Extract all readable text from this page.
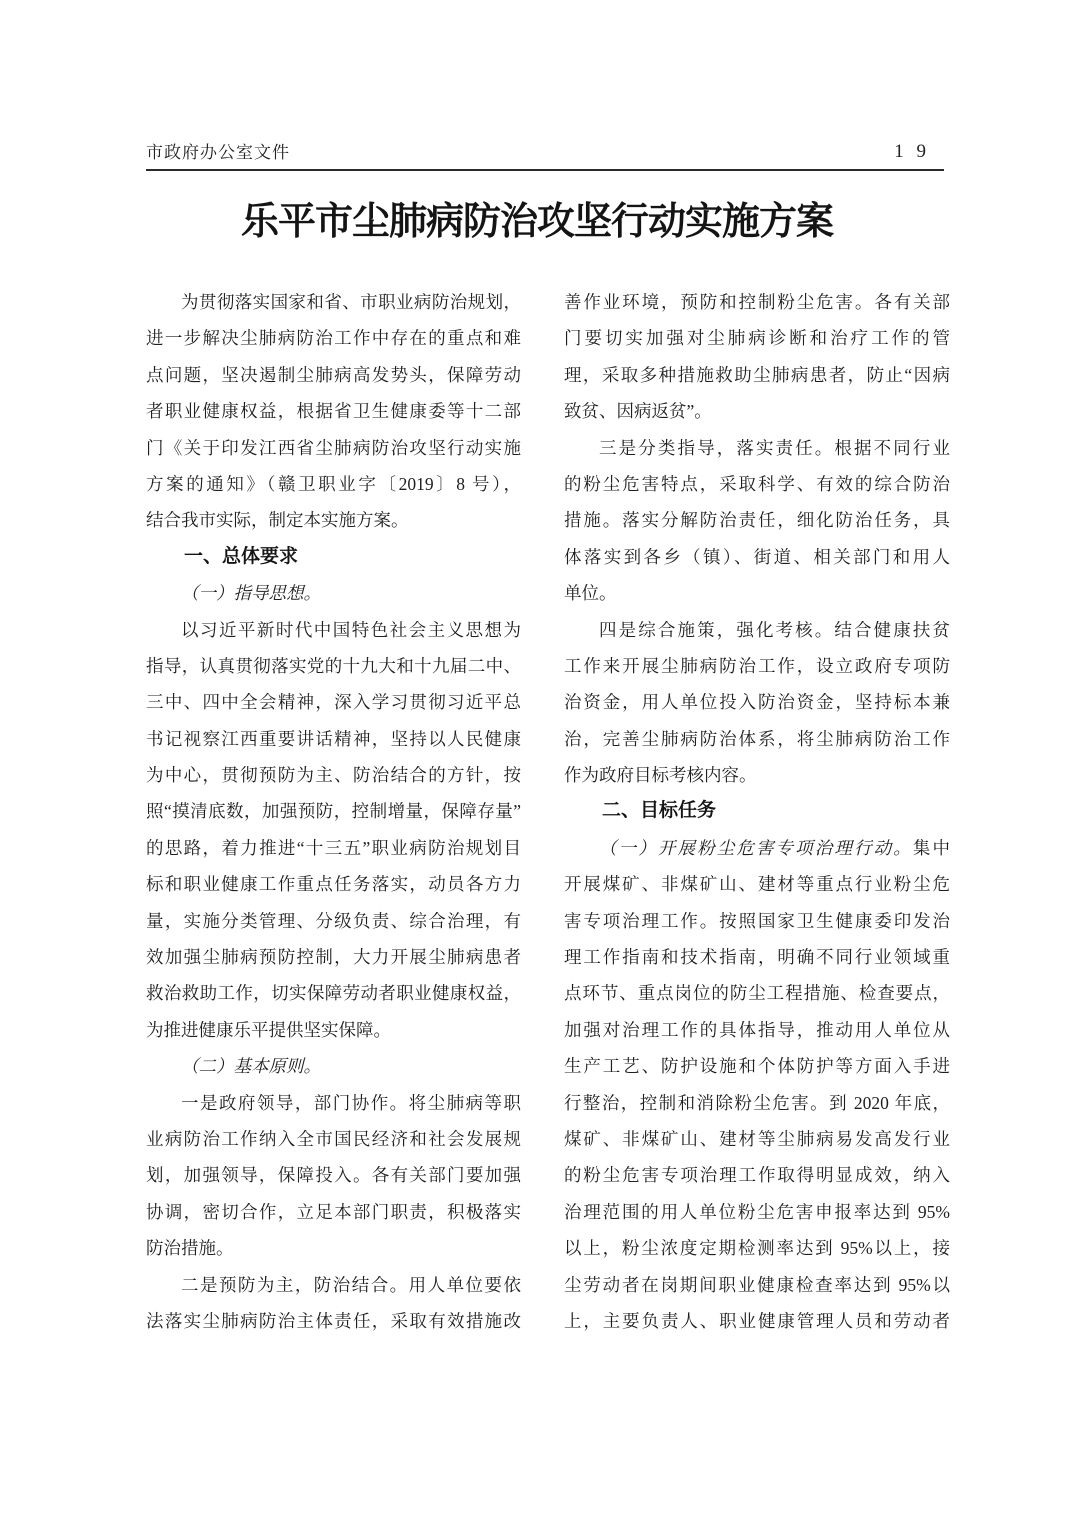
市政府办公室文件	1 9
乐平市尘肺病防治攻坚行动实施方案
为贯彻落实国家和省、市职业病防治规划，
进一步解决尘肺病防治工作中存在的重点和难
点问题，坚决遏制尘肺病高发势头，保障劳动
者职业健康权益，根据省卫生健康委等十二部
门《关于印发江西省尘肺病防治攻坚行动实施
方案的通知》（赣卫职业字〔2019〕8 号），
结合我市实际，制定本实施方案。
一、总体要求
（一）指导思想。
以习近平新时代中国特色社会主义思想为
指导，认真贯彻落实党的十九大和十九届二中、
三中、四中全会精神，深入学习贯彻习近平总
书记视察江西重要讲话精神，坚持以人民健康
为中心，贯彻预防为主、防治结合的方针，按
照“摸清底数，加强预防，控制增量，保障存量”
的思路，着力推进“十三五”职业病防治规划目
标和职业健康工作重点任务落实，动员各方力
量，实施分类管理、分级负责、综合治理，有
效加强尘肺病预防控制，大力开展尘肺病患者
救治救助工作，切实保障劳动者职业健康权益，
为推进健康乐平提供坚实保障。
（二）基本原则。
一是政府领导，部门协作。将尘肺病等职
业病防治工作纳入全市国民经济和社会发展规
划，加强领导，保障投入。各有关部门要加强
协调，密切合作，立足本部门职责，积极落实
防治措施。
二是预防为主，防治结合。用人单位要依
法落实尘肺病防治主体责任，采取有效措施改
善作业环境，预防和控制粉尘危害。各有关部
门要切实加强对尘肺病诊断和治疗工作的管
理，采取多种措施救助尘肺病患者，防止“因病
致贫、因病返贫”。
三是分类指导，落实责任。根据不同行业
的粉尘危害特点，采取科学、有效的综合防治
措施。落实分解防治责任，细化防治任务，具
体落实到各乡（镇）、街道、相关部门和用人
单位。
四是综合施策，强化考核。结合健康扶贫
工作来开展尘肺病防治工作，设立政府专项防
治资金，用人单位投入防治资金，坚持标本兼
治，完善尘肺病防治体系，将尘肺病防治工作
作为政府目标考核内容。
二、目标任务
（一）开展粉尘危害专项治理行动。集中
开展煤矿、非煤矿山、建材等重点行业粉尘危
害专项治理工作。按照国家卫生健康委印发治
理工作指南和技术指南，明确不同行业领域重
点环节、重点岗位的防尘工程措施、检查要点，
加强对治理工作的具体指导，推动用人单位从
生产工艺、防护设施和个体防护等方面入手进
行整治，控制和消除粉尘危害。到 2020 年底，
煤矿、非煤矿山、建材等尘肺病易发高发行业
的粉尘危害专项治理工作取得明显成效，纳入
治理范围的用人单位粉尘危害申报率达到 95%
以上，粉尘浓度定期检测率达到 95%以上，接
尘劳动者在岗期间职业健康检查率达到 95%以
上，主要负责人、职业健康管理人员和劳动者
